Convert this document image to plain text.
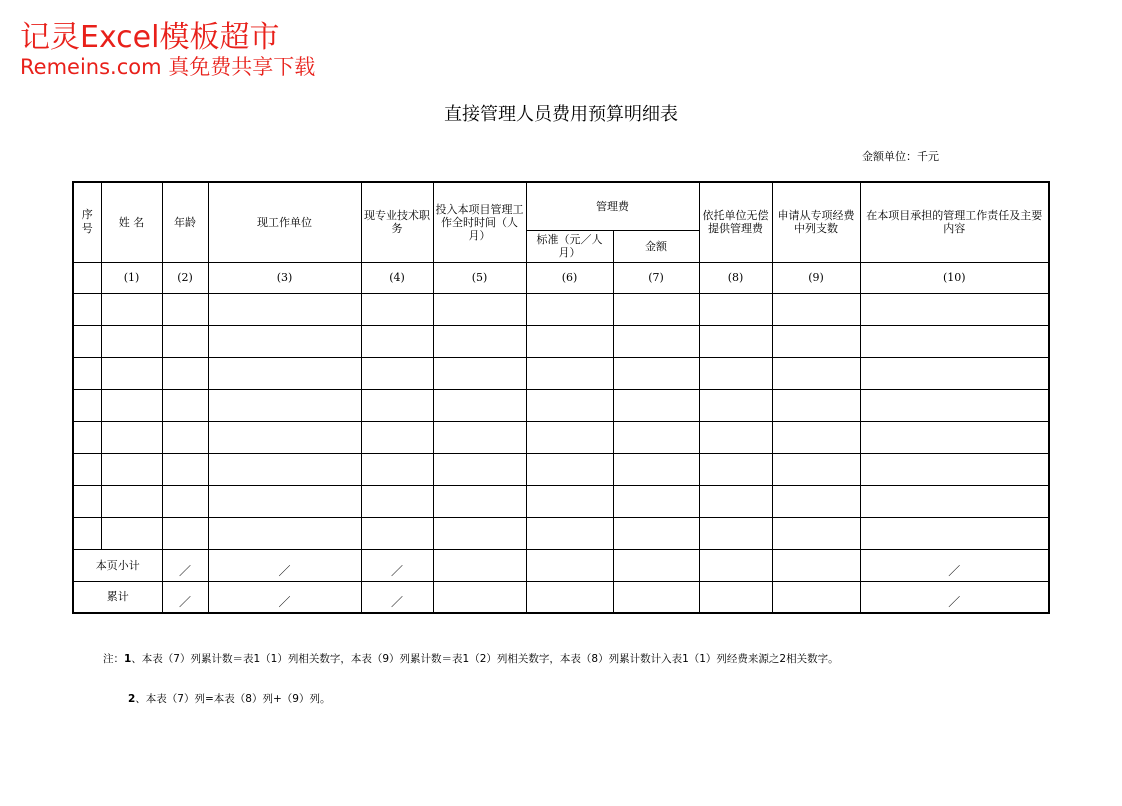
记灵Excel模板超市
Remeins.com 真免费共享下载
直接管理人员费用预算明细表
金额单位：千元
序号	姓 名	年龄	现工作单位	现专业技术职务	投入本项目管理工作全时时间（人月）	管理费		依托单位无偿提供管理费	申请从专项经费中列支数	在本项目承担的管理工作责任及主要内容
						标准（元／人月）	金额			
	(1)	(2)	(3)	(4)	(5)	(6)	(7)	(8)	(9)	(10)

本页小计		／	／	／						／
累计		／	／	／						／
注：1、本表（7）列累计数＝表1（1）列相关数字，本表（9）列累计数＝表1（2）列相关数字，本表（8）列累计数计入表1（1）列经费来源之2相关数字。
2、本表（7）列=本表（8）列+（9）列。
